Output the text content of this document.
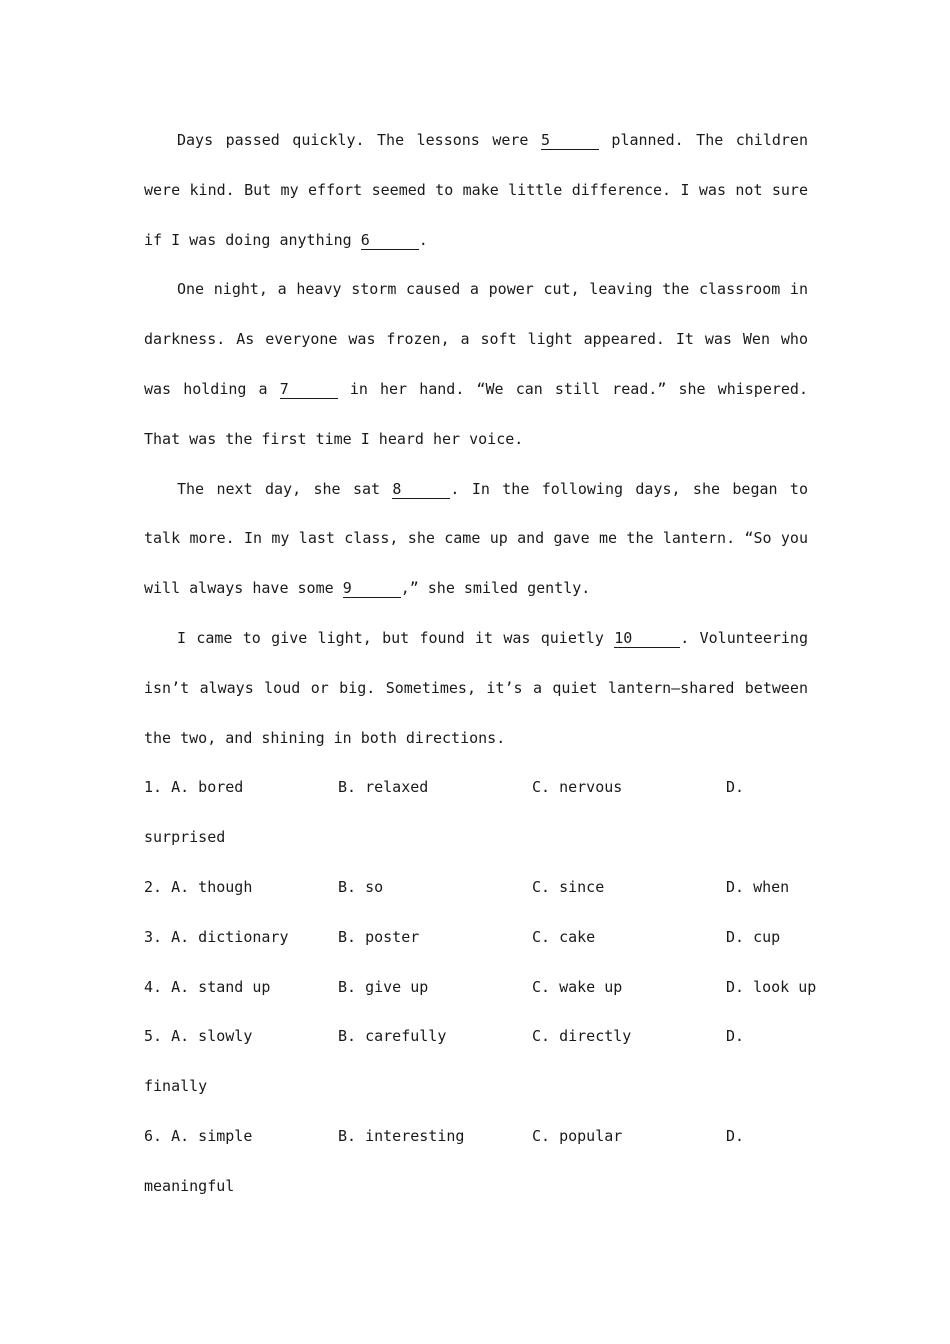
Days passed quickly. The lessons were 5	planned. The children were kind. But my effort seemed to make little difference. I was not sure if I was doing anything 6	.

One night, a heavy storm caused a power cut, leaving the classroom in darkness. As everyone was frozen, a soft light appeared. It was Wen who was holding a 7	in her hand. “We can still read.” she whispered. That was the first time I heard her voice.

The next day, she sat 8	. In the following days, she began to talk more. In my last class, she came up and gave me the lantern. “So you will always have some 9	,” she smiled gently.

I came to give light, but found it was quietly 10	. Volunteering isn’t always loud or big. Sometimes, it’s a quiet lantern—shared between the two, and shining in both directions.

1. A. bored	B. relaxed	C. nervous	D.
surprised
2. A. though	B. so	C. since	D. when
3. A. dictionary	B. poster	C. cake	D. cup
4. A. stand up	B. give up	C. wake up	D. look up
5. A. slowly	B. carefully	C. directly	D.
finally
6. A. simple	B. interesting	C. popular	D.
meaningful
